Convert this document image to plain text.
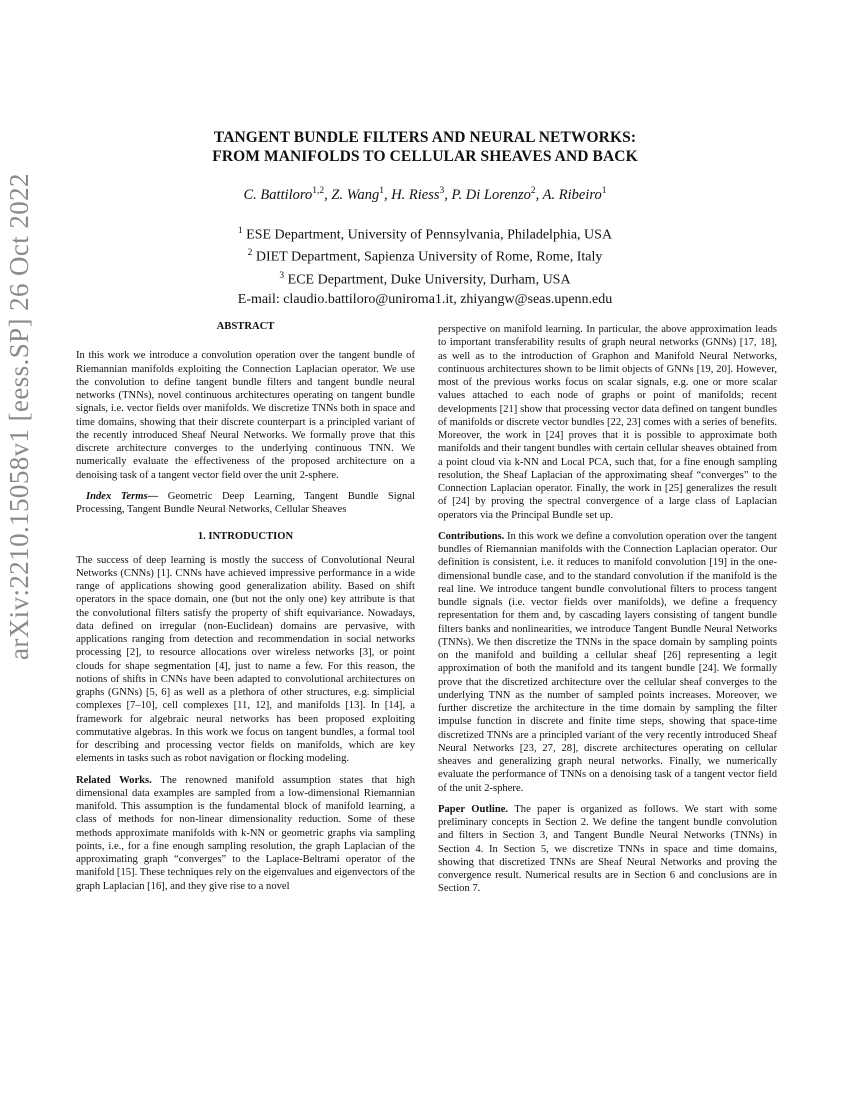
arXiv:2210.15058v1 [eess.SP] 26 Oct 2022
TANGENT BUNDLE FILTERS AND NEURAL NETWORKS:
FROM MANIFOLDS TO CELLULAR SHEAVES AND BACK
C. Battiloro$^{1,2}$, Z. Wang$^1$, H. Riess$^3$, P. Di Lorenzo$^2$, A. Ribeiro$^1$
$^1$ ESE Department, University of Pennsylvania, Philadelphia, USA
$^2$ DIET Department, Sapienza University of Rome, Rome, Italy
$^3$ ECE Department, Duke University, Durham, USA
E-mail: claudio.battiloro@uniroma1.it, zhiyangw@seas.upenn.edu
ABSTRACT

In this work we introduce a convolution operation over the tangent bundle of Riemannian manifolds exploiting the Connection Laplacian operator. We use the convolution to define tangent bundle filters and tangent bundle neural networks (TNNs), novel continuous architectures operating on tangent bundle signals, i.e. vector fields over manifolds. We discretize TNNs both in space and time domains, showing that their discrete counterpart is a principled variant of the recently introduced Sheaf Neural Networks. We formally prove that this discrete architecture converges to the underlying continuous TNN. We numerically evaluate the effectiveness of the proposed architecture on a denoising task of a tangent vector field over the unit 2-sphere.

Index Terms— Geometric Deep Learning, Tangent Bundle Signal Processing, Tangent Bundle Neural Networks, Cellular Sheaves

1. INTRODUCTION

The success of deep learning is mostly the success of Convolutional Neural Networks (CNNs) [1]. CNNs have achieved impressive performance in a wide range of applications showing good generalization ability. Based on shift operators in the space domain, one (but not the only one) key attribute is that the convolutional filters satisfy the property of shift equivariance. Nowadays, data defined on irregular (non-Euclidean) domains are pervasive, with applications ranging from detection and recommendation in social networks processing [2], to resource allocations over wireless networks [3], or point clouds for shape segmentation [4], just to name a few. For this reason, the notions of shifts in CNNs have been adapted to convolutional architectures on graphs (GNNs) [5, 6] as well as a plethora of other structures, e.g. simplicial complexes [7–10], cell complexes [11, 12], and manifolds [13]. In [14], a framework for algebraic neural networks has been proposed exploiting commutative algebras. In this work we focus on tangent bundles, a formal tool for describing and processing vector fields on manifolds, which are key elements in tasks such as robot navigation or flocking modeling.

Related Works. The renowned manifold assumption states that high dimensional data examples are sampled from a low-dimensional Riemannian manifold. This assumption is the fundamental block of manifold learning, a class of methods for non-linear dimensionality reduction. Some of these methods approximate manifolds with k-NN or geometric graphs via sampling points, i.e., for a fine enough sampling resolution, the graph Laplacian of the approximating graph “converges” to the Laplace-Beltrami operator of the manifold [15]. These techniques rely on the eigenvalues and eigenvectors of the graph Laplacian [16], and they give rise to a novel

perspective on manifold learning. In particular, the above approximation leads to important transferability results of graph neural networks (GNNs) [17, 18], as well as to the introduction of Graphon and Manifold Neural Networks, continuous architectures shown to be limit objects of GNNs [19, 20]. However, most of the previous works focus on scalar signals, e.g. one or more scalar values attached to each node of graphs or point of manifolds; recent developments [21] show that processing vector data defined on tangent bundles of manifolds or discrete vector bundles [22, 23] comes with a series of benefits. Moreover, the work in [24] proves that it is possible to approximate both manifolds and their tangent bundles with certain cellular sheaves obtained from a point cloud via k-NN and Local PCA, such that, for a fine enough sampling resolution, the Sheaf Laplacian of the approximating sheaf “converges” to the Connection Laplacian operator. Finally, the work in [25] generalizes the result of [24] by proving the spectral convergence of a large class of Laplacian operators via the Principal Bundle set up.

Contributions. In this work we define a convolution operation over the tangent bundles of Riemannian manifolds with the Connection Laplacian operator. Our definition is consistent, i.e. it reduces to manifold convolution [19] in the one-dimensional bundle case, and to the standard convolution if the manifold is the real line. We introduce tangent bundle convolutional filters to process tangent bundle signals (i.e. vector fields over manifolds), we define a frequency representation for them and, by cascading layers consisting of tangent bundle filters banks and nonlinearities, we introduce Tangent Bundle Neural Networks (TNNs). We then discretize the TNNs in the space domain by sampling points on the manifold and building a cellular sheaf [26] representing a legit approximation of both the manifold and its tangent bundle [24]. We formally prove that the discretized architecture over the cellular sheaf converges to the underlying TNN as the number of sampled points increases. Moreover, we further discretize the architecture in the time domain by sampling the filter impulse function in discrete and finite time steps, showing that space-time discretized TNNs are a principled variant of the very recently introduced Sheaf Neural Networks [23, 27, 28], discrete architectures operating on cellular sheaves and generalizing graph neural networks. Finally, we numerically evaluate the performance of TNNs on a denoising task of a tangent vector field of the unit 2-sphere.

Paper Outline. The paper is organized as follows. We start with some preliminary concepts in Section 2. We define the tangent bundle convolution and filters in Section 3, and Tangent Bundle Neural Networks (TNNs) in Section 4. In Section 5, we discretize TNNs in space and time domains, showing that discretized TNNs are Sheaf Neural Networks and proving the convergence result. Numerical results are in Section 6 and conclusions are in Section 7.
